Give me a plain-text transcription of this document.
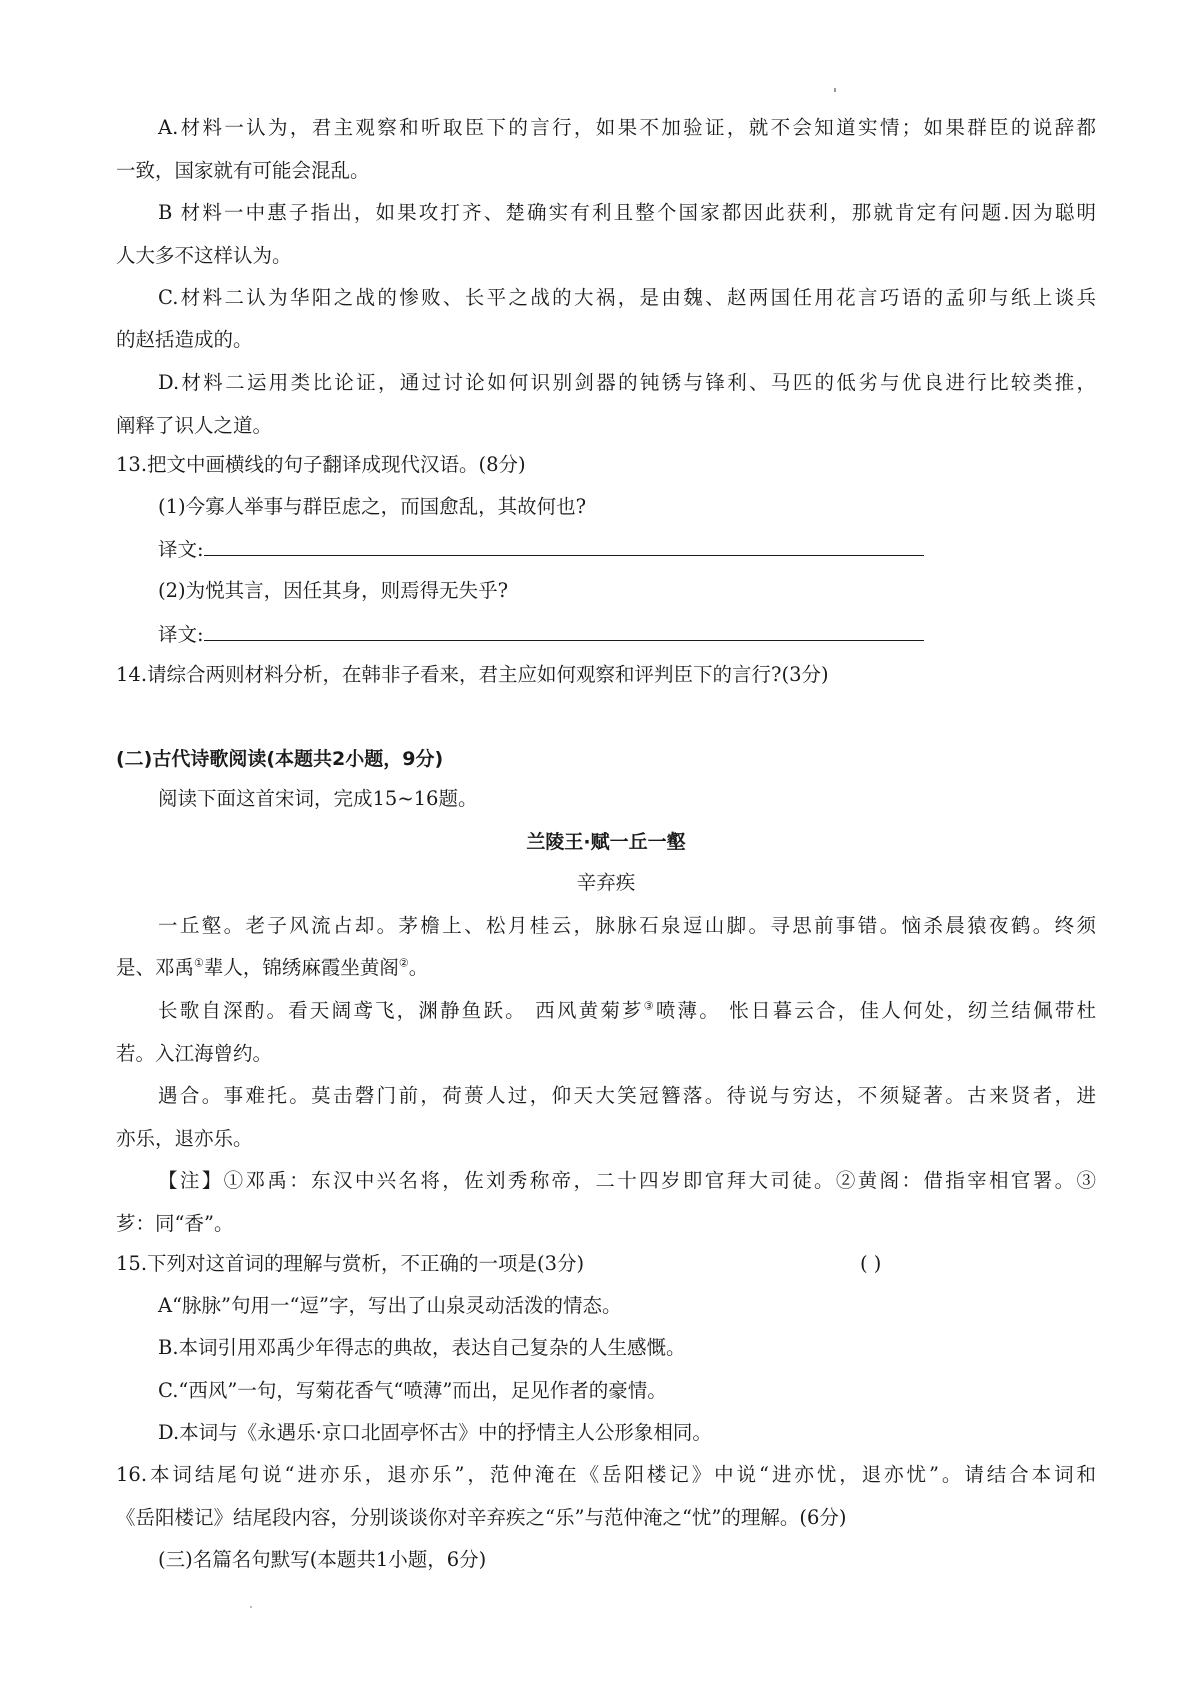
A.材料一认为，君主观察和听取臣下的言行，如果不加验证，就不会知道实情；如果群臣的说辞都
一致，国家就有可能会混乱。
B 材料一中惠子指出，如果攻打齐、楚确实有利且整个国家都因此获利，那就肯定有问题.因为聪明
人大多不这样认为。
C.材料二认为华阳之战的惨败、长平之战的大祸，是由魏、赵两国任用花言巧语的孟卯与纸上谈兵
的赵括造成的。
D.材料二运用类比论证，通过讨论如何识别剑器的钝锈与锋利、马匹的低劣与优良进行比较类推，
阐释了识人之道。
13.把文中画横线的句子翻译成现代汉语。(8分)
(1)今寡人举事与群臣虑之，而国愈乱，其故何也?
译文:
(2)为悦其言，因任其身，则焉得无失乎?
译文:
14.请综合两则材料分析，在韩非子看来，君主应如何观察和评判臣下的言行?(3分)
(二)古代诗歌阅读(本题共2小题，9分)
阅读下面这首宋词，完成15~16题。
兰陵王·赋一丘一壑
辛弃疾
一丘壑。老子风流占却。茅檐上、松月桂云，脉脉石泉逗山脚。寻思前事错。恼杀晨猿夜鹤。终须
是、邓禹①辈人，锦绣麻霞坐黄阁②。
长歌自深酌。看天阔鸢飞，渊静鱼跃。 西风黄菊芗③喷薄。 怅日暮云合，佳人何处，纫兰结佩带杜
若。入江海曾约。
遇合。事难托。莫击磬门前，荷蒉人过，仰天大笑冠簪落。待说与穷达，不须疑著。古来贤者，进
亦乐，退亦乐。
【注】①邓禹：东汉中兴名将，佐刘秀称帝，二十四岁即官拜大司徒。②黄阁：借指宰相官署。③
芗：同“香”。
15.下列对这首词的理解与赏析，不正确的一项是(3分)	( )
A“脉脉”句用一“逗”字，写出了山泉灵动活泼的情态。
B.本词引用邓禹少年得志的典故，表达自己复杂的人生感慨。
C.“西风”一句，写菊花香气“喷薄”而出，足见作者的豪情。
D.本词与《永遇乐·京口北固亭怀古》中的抒情主人公形象相同。
16.本词结尾句说“进亦乐，退亦乐”，范仲淹在《岳阳楼记》中说“进亦忧，退亦忧”。请结合本词和
《岳阳楼记》结尾段内容，分别谈谈你对辛弃疾之“乐”与范仲淹之“忧”的理解。(6分)
(三)名篇名句默写(本题共1小题，6分)
